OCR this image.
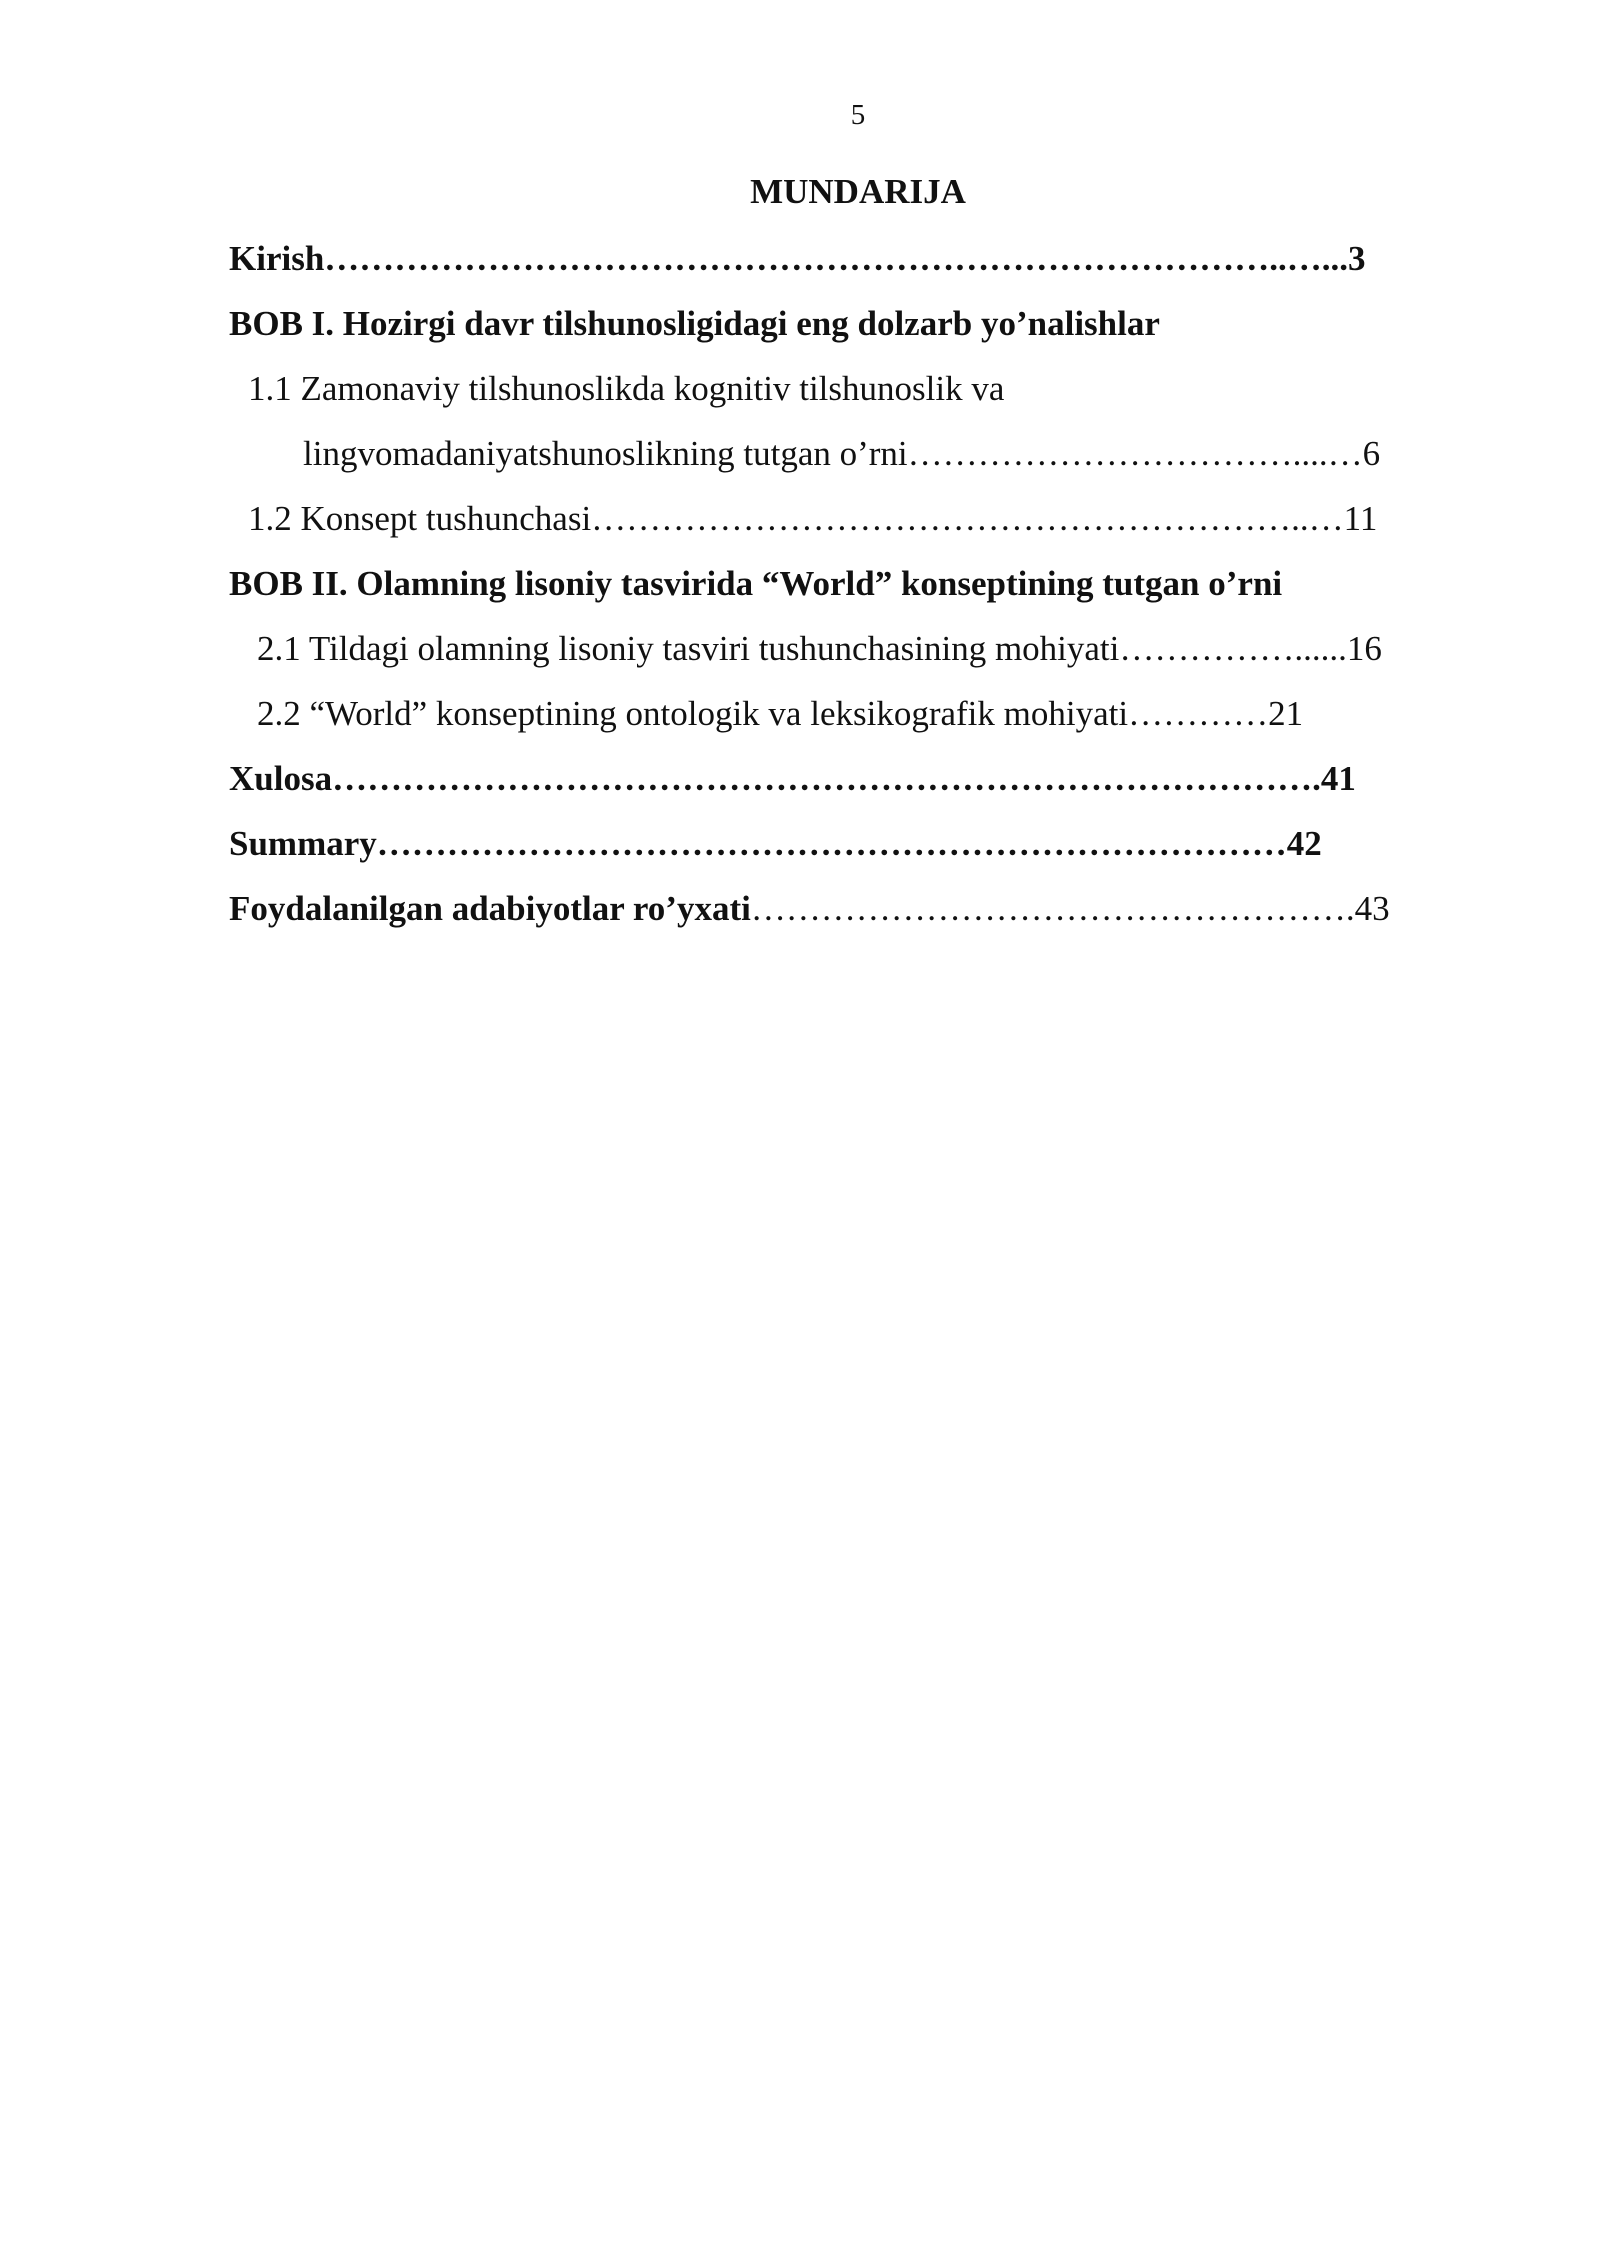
5
MUNDARIJA
Kirish………………………………………………………………………..…...3
BOB I. Hozirgi davr tilshunosligidagi eng dolzarb yo’nalishlar
1.1 Zamonaviy tilshunoslikda kognitiv tilshunoslik va
lingvomadaniyatshunoslikning tutgan o’rni……………………………....…6
1.2 Konsept tushunchasi……………………………………………………..…11
BOB II. Olamning lisoniy tasvirida “World” konseptining tutgan o’rni
2.1 Tildagi olamning lisoniy tasviri tushunchasining mohiyati……………......16
2.2 “World” konseptining ontologik va leksikografik mohiyati…………21
Xulosa………………………………………………………………………….41
Summary……………………………………………………………………42
Foydalanilgan adabiyotlar ro’yxati…………………………………………….43
